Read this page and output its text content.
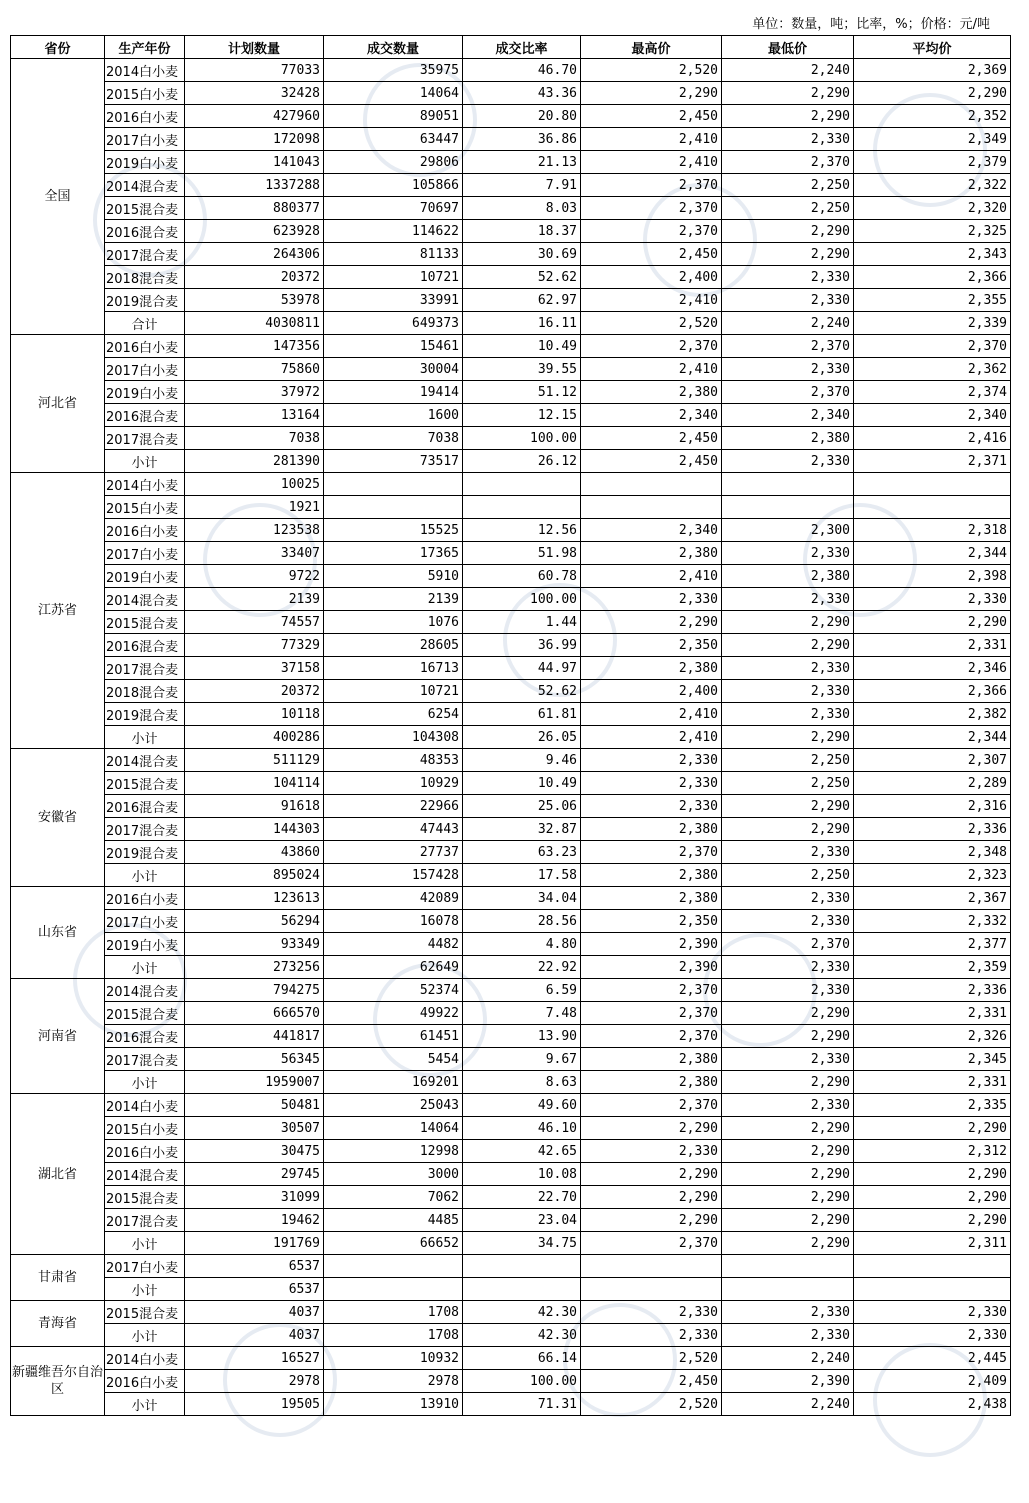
单位：数量，吨；比率，%；价格：元/吨
省份	生产年份	计划数量	成交数量	成交比率	最高价	最低价	平均价
全国	2014白小麦	77033	35975	46.70	2,520	2,240	2,369
	2015白小麦	32428	14064	43.36	2,290	2,290	2,290
	2016白小麦	427960	89051	20.80	2,450	2,290	2,352
	2017白小麦	172098	63447	36.86	2,410	2,330	2,349
	2019白小麦	141043	29806	21.13	2,410	2,370	2,379
	2014混合麦	1337288	105866	7.91	2,370	2,250	2,322
	2015混合麦	880377	70697	8.03	2,370	2,250	2,320
	2016混合麦	623928	114622	18.37	2,370	2,290	2,325
	2017混合麦	264306	81133	30.69	2,450	2,290	2,343
	2018混合麦	20372	10721	52.62	2,400	2,330	2,366
	2019混合麦	53978	33991	62.97	2,410	2,330	2,355
	合计	4030811	649373	16.11	2,520	2,240	2,339
河北省	2016白小麦	147356	15461	10.49	2,370	2,370	2,370
	2017白小麦	75860	30004	39.55	2,410	2,330	2,362
	2019白小麦	37972	19414	51.12	2,380	2,370	2,374
	2016混合麦	13164	1600	12.15	2,340	2,340	2,340
	2017混合麦	7038	7038	100.00	2,450	2,380	2,416
	小计	281390	73517	26.12	2,450	2,330	2,371
江苏省	2014白小麦	10025					
	2015白小麦	1921					
	2016白小麦	123538	15525	12.56	2,340	2,300	2,318
	2017白小麦	33407	17365	51.98	2,380	2,330	2,344
	2019白小麦	9722	5910	60.78	2,410	2,380	2,398
	2014混合麦	2139	2139	100.00	2,330	2,330	2,330
	2015混合麦	74557	1076	1.44	2,290	2,290	2,290
	2016混合麦	77329	28605	36.99	2,350	2,290	2,331
	2017混合麦	37158	16713	44.97	2,380	2,330	2,346
	2018混合麦	20372	10721	52.62	2,400	2,330	2,366
	2019混合麦	10118	6254	61.81	2,410	2,330	2,382
	小计	400286	104308	26.05	2,410	2,290	2,344
安徽省	2014混合麦	511129	48353	9.46	2,330	2,250	2,307
	2015混合麦	104114	10929	10.49	2,330	2,250	2,289
	2016混合麦	91618	22966	25.06	2,330	2,290	2,316
	2017混合麦	144303	47443	32.87	2,380	2,290	2,336
	2019混合麦	43860	27737	63.23	2,370	2,330	2,348
	小计	895024	157428	17.58	2,380	2,250	2,323
山东省	2016白小麦	123613	42089	34.04	2,380	2,330	2,367
	2017白小麦	56294	16078	28.56	2,350	2,330	2,332
	2019白小麦	93349	4482	4.80	2,390	2,370	2,377
	小计	273256	62649	22.92	2,390	2,330	2,359
河南省	2014混合麦	794275	52374	6.59	2,370	2,330	2,336
	2015混合麦	666570	49922	7.48	2,370	2,290	2,331
	2016混合麦	441817	61451	13.90	2,370	2,290	2,326
	2017混合麦	56345	5454	9.67	2,380	2,330	2,345
	小计	1959007	169201	8.63	2,380	2,290	2,331
湖北省	2014白小麦	50481	25043	49.60	2,370	2,330	2,335
	2015白小麦	30507	14064	46.10	2,290	2,290	2,290
	2016白小麦	30475	12998	42.65	2,330	2,290	2,312
	2014混合麦	29745	3000	10.08	2,290	2,290	2,290
	2015混合麦	31099	7062	22.70	2,290	2,290	2,290
	2017混合麦	19462	4485	23.04	2,290	2,290	2,290
	小计	191769	66652	34.75	2,370	2,290	2,311
甘肃省	2017白小麦	6537					
	小计	6537					
青海省	2015混合麦	4037	1708	42.30	2,330	2,330	2,330
	小计	4037	1708	42.30	2,330	2,330	2,330
新疆维吾尔自治区	2014白小麦	16527	10932	66.14	2,520	2,240	2,445
	2016白小麦	2978	2978	100.00	2,450	2,390	2,409
	小计	19505	13910	71.31	2,520	2,240	2,438
